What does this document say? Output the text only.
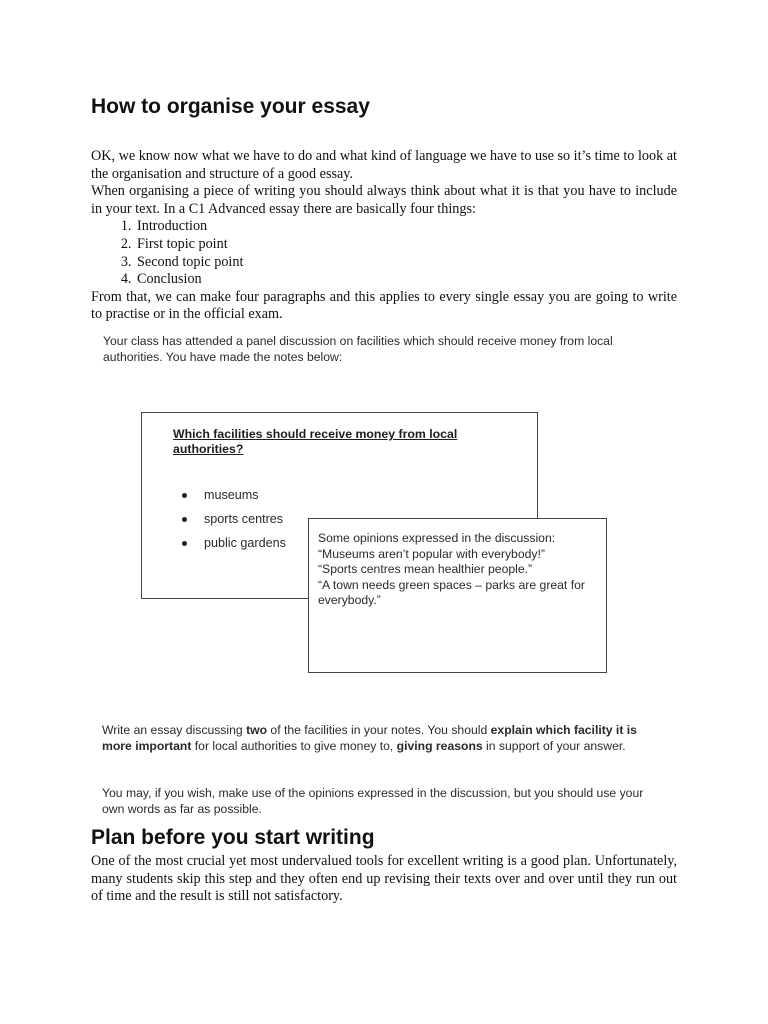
How to organise your essay

OK, we know now what we have to do and what kind of language we have to use so it’s time to look at the organisation and structure of a good essay.

When organising a piece of writing you should always think about what it is that you have to include in your text. In a C1 Advanced essay there are basically four things:

1. Introduction
2. First topic point
3. Second topic point
4. Conclusion

From that, we can make four paragraphs and this applies to every single essay you are going to write to practise or in the official exam.

Your class has attended a panel discussion on facilities which should receive money from local authorities. You have made the notes below:

Which facilities should receive money from local authorities?
museums
sports centres
public gardens	Some opinions expressed in the discussion:

“Museums aren’t popular with everybody!”

“Sports centres mean healthier people.”

“A town needs green spaces – parks are great for everybody.”

Write an essay discussing two of the facilities in your notes. You should explain which facility it is more important for local authorities to give money to, giving reasons in support of your answer.

You may, if you wish, make use of the opinions expressed in the discussion, but you should use your own words as far as possible.

Plan before you start writing

One of the most crucial yet most undervalued tools for excellent writing is a good plan. Unfortunately, many students skip this step and they often end up revising their texts over and over until they run out of time and the result is still not satisfactory.
